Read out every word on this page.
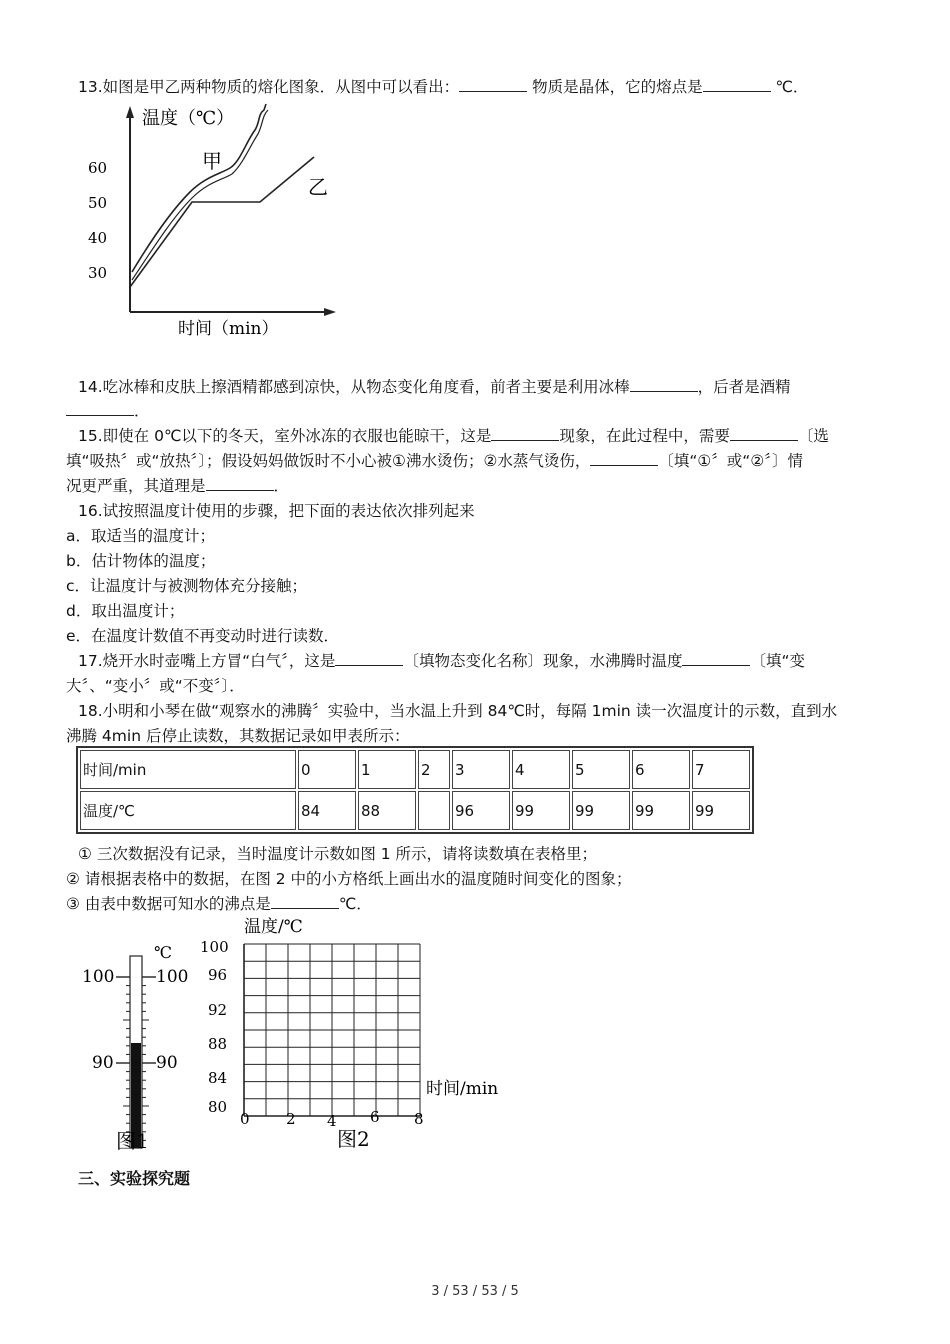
13.如图是甲乙两种物质的熔化图象．从图中可以看出：	物质是晶体，它的熔点是	℃．
温度（℃）
时间（min）
60
50
40
30
甲
乙
14.吃冰棒和皮肤上擦酒精都感到凉快，从物态变化角度看，前者主要是利用冰棒	，后者是酒精
．
15.即使在 0℃以下的冬天，室外冰冻的衣服也能晾干，这是	现象，在此过程中，需要	〔选
填“吸热〞或“放热〞〕；假设妈妈做饭时不小心被①沸水烫伤；②水蒸气烫伤，	〔填“①〞或“②〞〕情
况更严重，其道理是	．
16.试按照温度计使用的步骤，把下面的表达依次排列起来
a．取适当的温度计；
b．估计物体的温度；
c．让温度计与被测物体充分接触；
d．取出温度计；
e．在温度计数值不再变动时进行读数．
17.烧开水时壶嘴上方冒“白气〞，这是	〔填物态变化名称〕现象，水沸腾时温度	〔填“变
大〞、“变小〞或“不变〞〕．
18.小明和小琴在做“观察水的沸腾〞实验中，当水温上升到 84℃时，每隔 1min 读一次温度计的示数，直到水
沸腾 4min 后停止读数，其数据记录如甲表所示：
时间/min	0	1	2	3	4	5	6	7
温度/℃	84	88		96	99	99	99	99
① 三次数据没有记录，当时温度计示数如图 1 所示，请将读数填在表格里；
② 请根据表格中的数据，在图 2 中的小方格纸上画出水的温度随时间变化的图象；
③ 由表中数据可知水的沸点是	℃．
℃
100 100
90 90
图1
温度/℃
100
96
92
88
84
80
0 2 4 6 8
时间/min
图2
三、实验探究题
3 / 53 / 53 / 5
